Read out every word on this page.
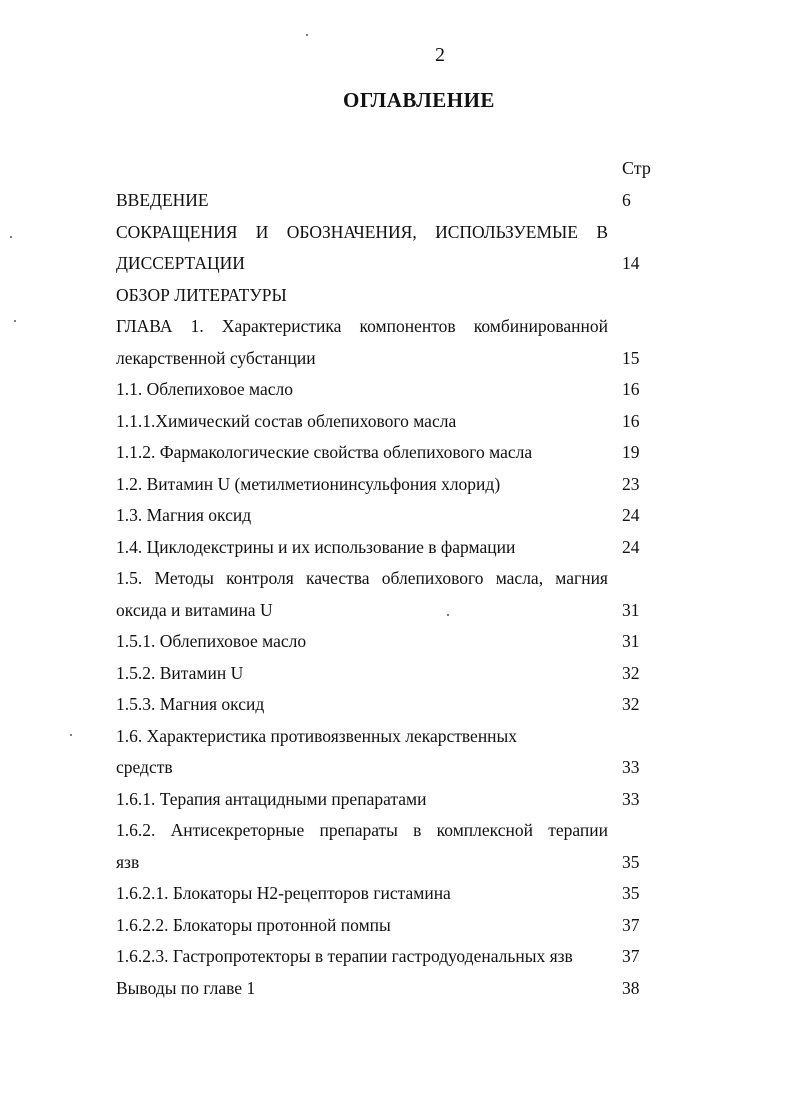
2
ОГЛАВЛЕНИЕ
Стр
ВВЕДЕНИЕ	6
СОКРАЩЕНИЯ И ОБОЗНАЧЕНИЯ, ИСПОЛЬЗУЕМЫЕ В
ДИССЕРТАЦИИ	14
ОБЗОР ЛИТЕРАТУРЫ
ГЛАВА 1. Характеристика компонентов комбинированной
лекарственной субстанции	15
1.1. Облепиховое масло	16
1.1.1.Химический состав облепихового масла	16
1.1.2. Фармакологические свойства облепихового масла	19
1.2. Витамин U (метилметионинсульфония хлорид)	23
1.3. Магния оксид	24
1.4. Циклодекстрины и их использование в фармации	24
1.5. Методы контроля качества облепихового масла, магния
оксида и витамина U	31
1.5.1. Облепиховое масло	31
1.5.2. Витамин U	32
1.5.3. Магния оксид	32
1.6. Характеристика противоязвенных лекарственных
средств	33
1.6.1. Терапия антацидными препаратами	33
1.6.2. Антисекреторные препараты в комплексной терапии
язв	35
1.6.2.1. Блокаторы Н2-рецепторов гистамина	35
1.6.2.2. Блокаторы протонной помпы	37
1.6.2.3. Гастропротекторы в терапии гастродуоденальных язв	37
Выводы по главе 1	38
